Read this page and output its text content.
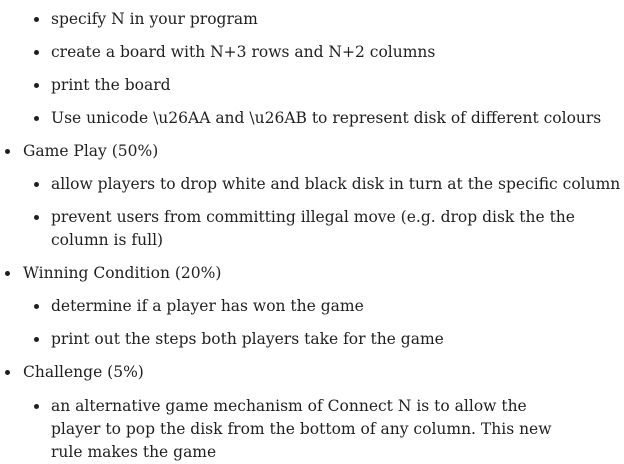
specify N in your program
create a board with N+3 rows and N+2 columns
print the board
Use unicode \u26AA and \u26AB to represent disk of different colours
Game Play (50%)
allow players to drop white and black disk in turn at the specific column
prevent users from committing illegal move (e.g. drop disk the the column is full)
Winning Condition (20%)
determine if a player has won the game
print out the steps both players take for the game
Challenge (5%)
an alternative game mechanism of Connect N is to allow the player to pop the disk from the bottom of any column. This new rule makes the game
